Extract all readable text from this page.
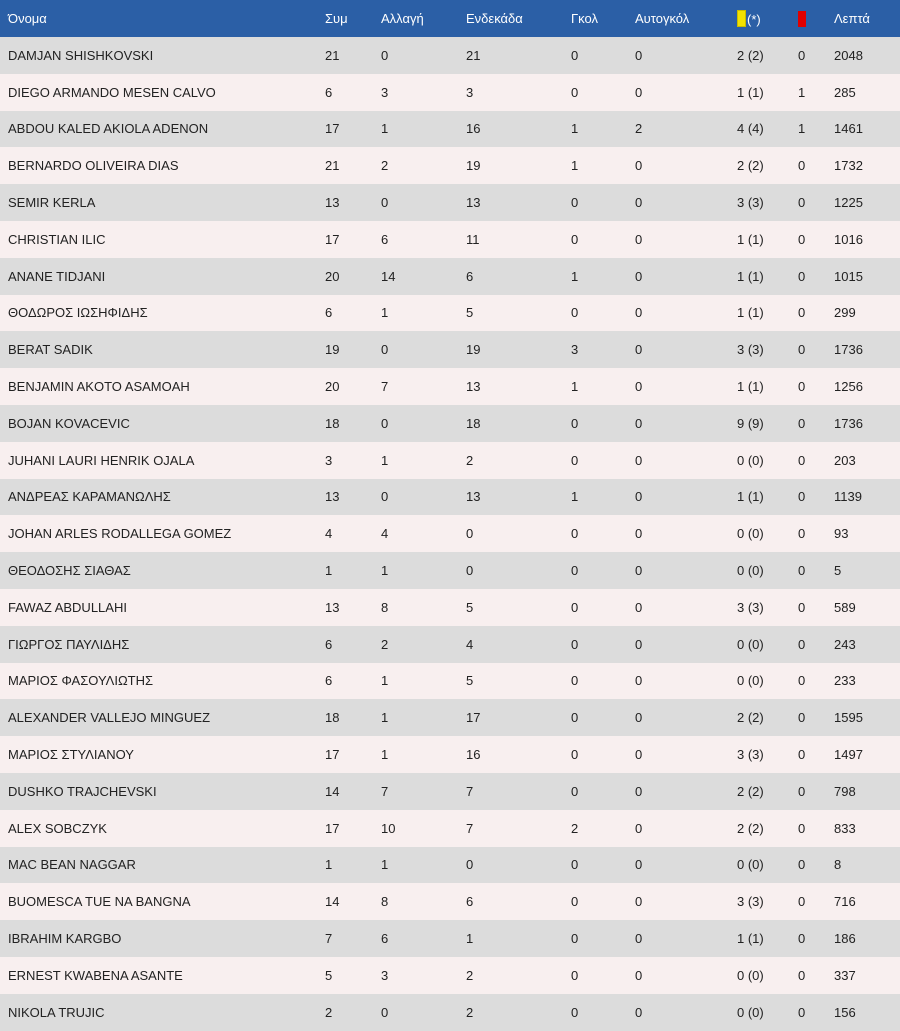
Όνομα	Συμ	Αλλαγή	Ενδεκάδα	Γκολ	Αυτογκόλ	(*)		Λεπτά
DAMJAN SHISHKOVSKI	21	0	21	0	0	2 (2)	0	2048
DIEGO ARMANDO MESEN CALVO	6	3	3	0	0	1 (1)	1	285
ABDOU KALED AKIOLA ADENON	17	1	16	1	2	4 (4)	1	1461
BERNARDO OLIVEIRA DIAS	21	2	19	1	0	2 (2)	0	1732
SEMIR KERLA	13	0	13	0	0	3 (3)	0	1225
CHRISTIAN ILIC	17	6	11	0	0	1 (1)	0	1016
ANANE TIDJANI	20	14	6	1	0	1 (1)	0	1015
ΘΟΔΩΡΟΣ ΙΩΣΗΦΙΔΗΣ	6	1	5	0	0	1 (1)	0	299
BERAT SADIK	19	0	19	3	0	3 (3)	0	1736
BENJAMIN AKOTO ASAMOAH	20	7	13	1	0	1 (1)	0	1256
BOJAN KOVACEVIC	18	0	18	0	0	9 (9)	0	1736
JUHANI LAURI HENRIK OJALA	3	1	2	0	0	0 (0)	0	203
ΑΝΔΡΕΑΣ ΚΑΡΑΜΑΝΩΛΗΣ	13	0	13	1	0	1 (1)	0	1139
JOHAN ARLES RODALLEGA GOMEZ	4	4	0	0	0	0 (0)	0	93
ΘΕΟΔΟΣΗΣ ΣΙΑΘΑΣ	1	1	0	0	0	0 (0)	0	5
FAWAZ ABDULLAHI	13	8	5	0	0	3 (3)	0	589
ΓΙΩΡΓΟΣ ΠΑΥΛΙΔΗΣ	6	2	4	0	0	0 (0)	0	243
ΜΑΡΙΟΣ ΦΑΣΟΥΛΙΩΤΗΣ	6	1	5	0	0	0 (0)	0	233
ALEXANDER VALLEJO MINGUEZ	18	1	17	0	0	2 (2)	0	1595
ΜΑΡΙΟΣ ΣΤΥΛΙΑΝΟΥ	17	1	16	0	0	3 (3)	0	1497
DUSHKO TRAJCHEVSKI	14	7	7	0	0	2 (2)	0	798
ALEX SOBCZYK	17	10	7	2	0	2 (2)	0	833
MAC BEAN NAGGAR	1	1	0	0	0	0 (0)	0	8
BUOMESCA TUE NA BANGNA	14	8	6	0	0	3 (3)	0	716
IBRAHIM KARGBO	7	6	1	0	0	1 (1)	0	186
ERNEST KWABENA ASANTE	5	3	2	0	0	0 (0)	0	337
NIKOLA TRUJIC	2	0	2	0	0	0 (0)	0	156
